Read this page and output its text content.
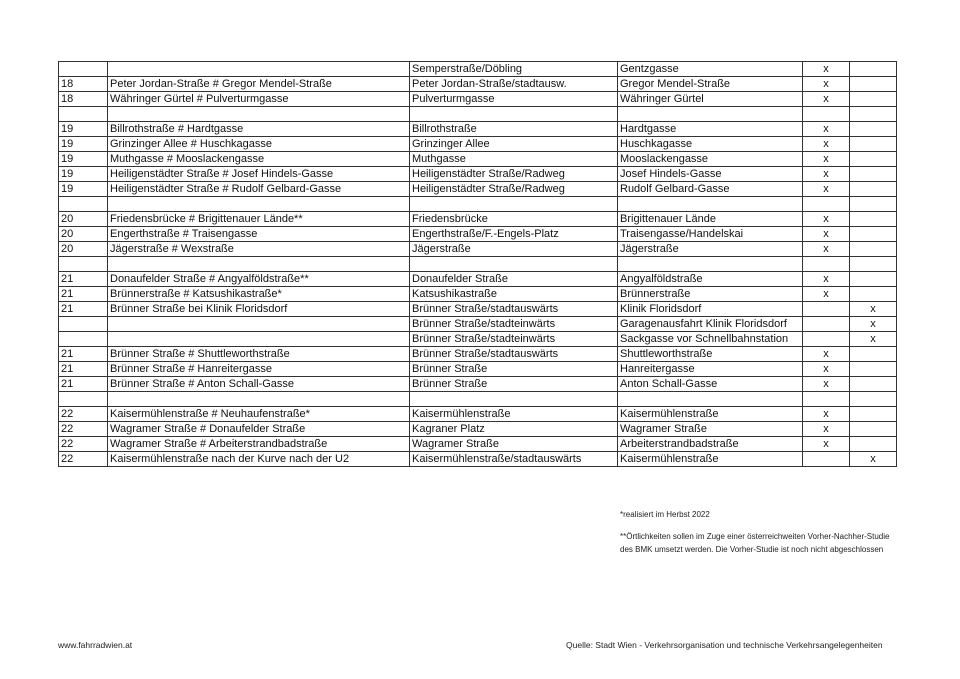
		Semperstraße/Döbling	Gentzgasse	x	
18	Peter Jordan-Straße # Gregor Mendel-Straße	Peter Jordan-Straße/stadtausw.	Gregor Mendel-Straße	x	
18	Währinger Gürtel # Pulverturmgasse	Pulverturmgasse	Währinger Gürtel	x	

19	Billrothstraße # Hardtgasse	Billrothstraße	Hardtgasse	x	
19	Grinzinger Allee # Huschkagasse	Grinzinger Allee	Huschkagasse	x	
19	Muthgasse # Mooslackengasse	Muthgasse	Mooslackengasse	x	
19	Heiligenstädter Straße # Josef Hindels-Gasse	Heiligenstädter Straße/Radweg	Josef Hindels-Gasse	x	
19	Heiligenstädter Straße # Rudolf Gelbard-Gasse	Heiligenstädter Straße/Radweg	Rudolf Gelbard-Gasse	x	

20	Friedensbrücke # Brigittenauer Lände**	Friedensbrücke	Brigittenauer Lände	x	
20	Engerthstraße # Traisengasse	Engerthstraße/F.-Engels-Platz	Traisengasse/Handelskai	x	
20	Jägerstraße # Wexstraße	Jägerstraße	Jägerstraße	x	

21	Donaufelder Straße # Angyalföldstraße**	Donaufelder Straße	Angyalföldstraße	x	
21	Brünnerstraße # Katsushikastraße*	Katsushikastraße	Brünnerstraße	x	
21	Brünner Straße bei Klinik Floridsdorf	Brünner Straße/stadtauswärts	Klinik Floridsdorf		x
		Brünner Straße/stadteinwärts	Garagenausfahrt Klinik Floridsdorf		x
		Brünner Straße/stadteinwärts	Sackgasse vor Schnellbahnstation		x
21	Brünner Straße # Shuttleworthstraße	Brünner Straße/stadtauswärts	Shuttleworthstraße	x	
21	Brünner Straße # Hanreitergasse	Brünner Straße	Hanreitergasse	x	
21	Brünner Straße # Anton Schall-Gasse	Brünner Straße	Anton Schall-Gasse	x	

22	Kaisermühlenstraße # Neuhaufenstraße*	Kaisermühlenstraße	Kaisermühlenstraße	x	
22	Wagramer Straße # Donaufelder Straße	Kagraner Platz	Wagramer Straße	x	
22	Wagramer Straße # Arbeiterstrandbadstraße	Wagramer Straße	Arbeiterstrandbadstraße	x	
22	Kaisermühlenstraße nach der Kurve nach der U2	Kaisermühlenstraße/stadtauswärts	Kaisermühlenstraße		x
*realisiert im Herbst 2022
**Örtlichkeiten sollen im Zuge einer österreichweiten Vorher-Nachher-Studie des BMK umsetzt werden. Die Vorher-Studie ist noch nicht abgeschlossen
www.fahrradwien.at	Quelle: Stadt Wien - Verkehrsorganisation und technische Verkehrsangelegenheiten
